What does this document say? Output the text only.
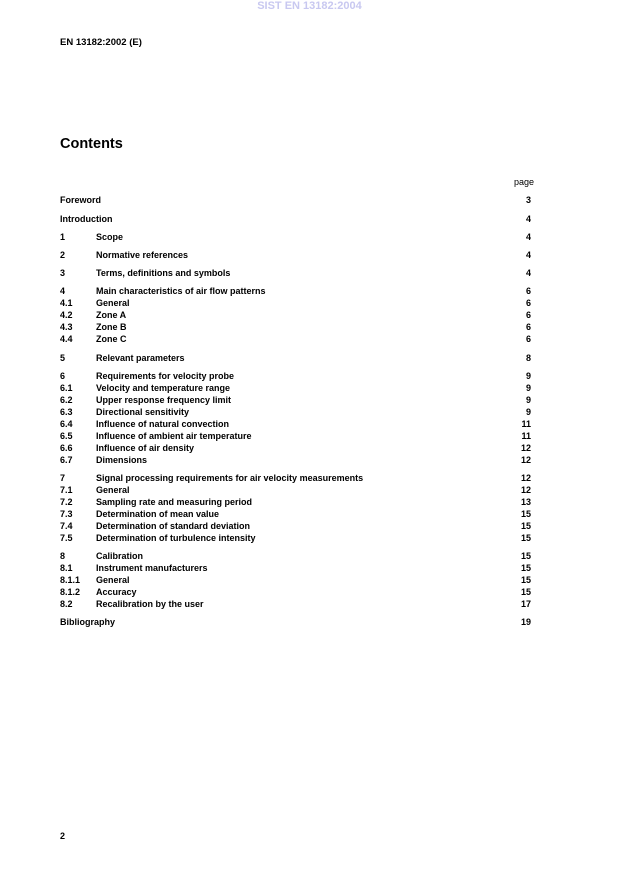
SIST EN 13182:2004
EN 13182:2002 (E)
Contents
page
Foreword	3
Introduction	4
1	Scope	4
2	Normative references	4
3	Terms, definitions and symbols	4
4	Main characteristics of air flow patterns	6
4.1	General	6
4.2	Zone A	6
4.3	Zone B	6
4.4	Zone C	6
5	Relevant parameters	8
6	Requirements for velocity probe	9
6.1	Velocity and temperature range	9
6.2	Upper response frequency limit	9
6.3	Directional sensitivity	9
6.4	Influence of natural convection	11
6.5	Influence of ambient air temperature	11
6.6	Influence of air density	12
6.7	Dimensions	12
7	Signal processing requirements for air velocity measurements	12
7.1	General	12
7.2	Sampling rate and measuring period	13
7.3	Determination of mean value	15
7.4	Determination of standard deviation	15
7.5	Determination of turbulence intensity	15
8	Calibration	15
8.1	Instrument manufacturers	15
8.1.1 General	15
8.1.2 Accuracy	15
8.2	Recalibration by the user	17
Bibliography	19
2
